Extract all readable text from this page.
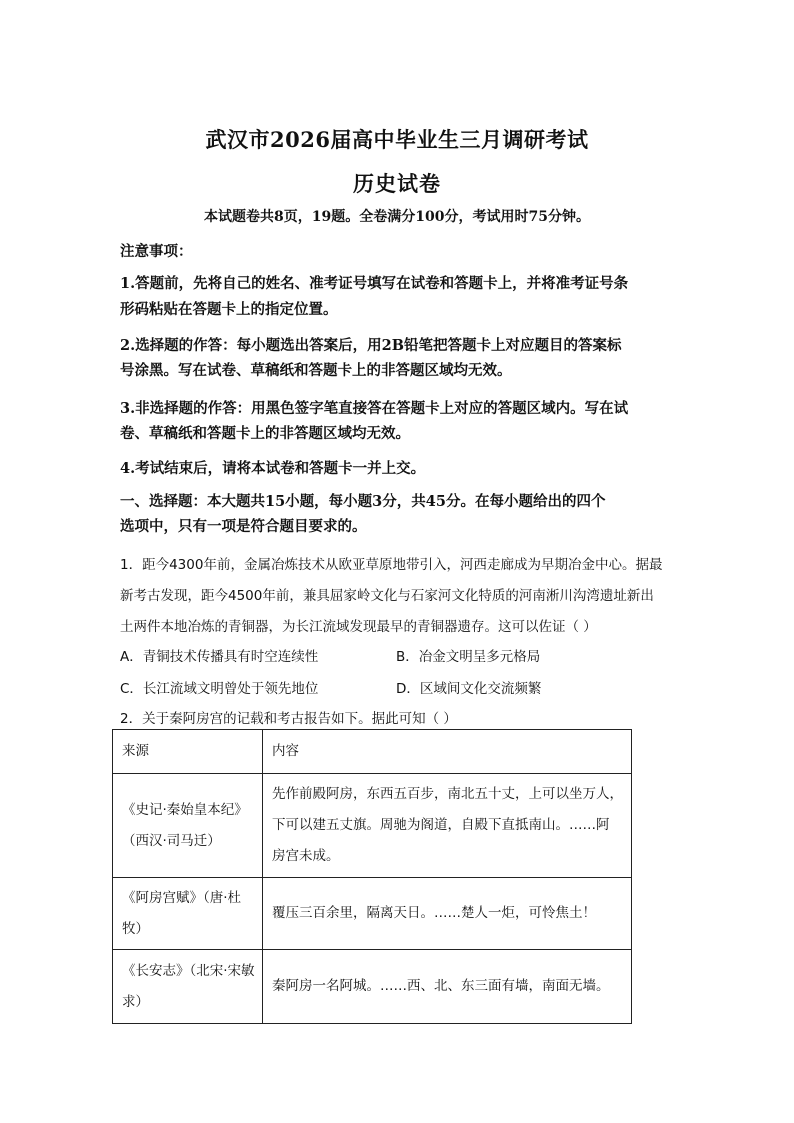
武汉市2026届高中毕业生三月调研考试
历史试卷
本试题卷共8页，19题。全卷满分100分，考试用时75分钟。
注意事项：
1.答题前，先将自己的姓名、准考证号填写在试卷和答题卡上，并将准考证号条
形码粘贴在答题卡上的指定位置。
2.选择题的作答：每小题选出答案后，用2B铅笔把答题卡上对应题目的答案标
号涂黑。写在试卷、草稿纸和答题卡上的非答题区域均无效。
3.非选择题的作答：用黑色签字笔直接答在答题卡上对应的答题区域内。写在试
卷、草稿纸和答题卡上的非答题区域均无效。
4.考试结束后，请将本试卷和答题卡一并上交。
一、选择题：本大题共15小题，每小题3分，共45分。在每小题给出的四个
选项中，只有一项是符合题目要求的。
1．距今4300年前，金属冶炼技术从欧亚草原地带引入，河西走廊成为早期冶金中心。据最
新考古发现，距今4500年前，兼具屈家岭文化与石家河文化特质的河南淅川沟湾遗址新出
土两件本地冶炼的青铜器，为长江流域发现最早的青铜器遗存。这可以佐证（ ）
A．青铜技术传播具有时空连续性	B．冶金文明呈多元格局
C．长江流域文明曾处于领先地位	D．区域间文化交流频繁
2．关于秦阿房宫的记载和考古报告如下。据此可知（ ）
来源	内容

《史记·秦始皇本纪》
（西汉·司马迁）	先作前殿阿房，东西五百步，南北五十丈，上可以坐万人，
下可以建五丈旗。周驰为阁道，自殿下直抵南山。……阿
房宫未成。

《阿房宫赋》（唐·杜
牧）	覆压三百余里，隔离天日。……楚人一炬，可怜焦土！

《长安志》（北宋·宋敏
求）	秦阿房一名阿城。……西、北、东三面有墙，南面无墙。
